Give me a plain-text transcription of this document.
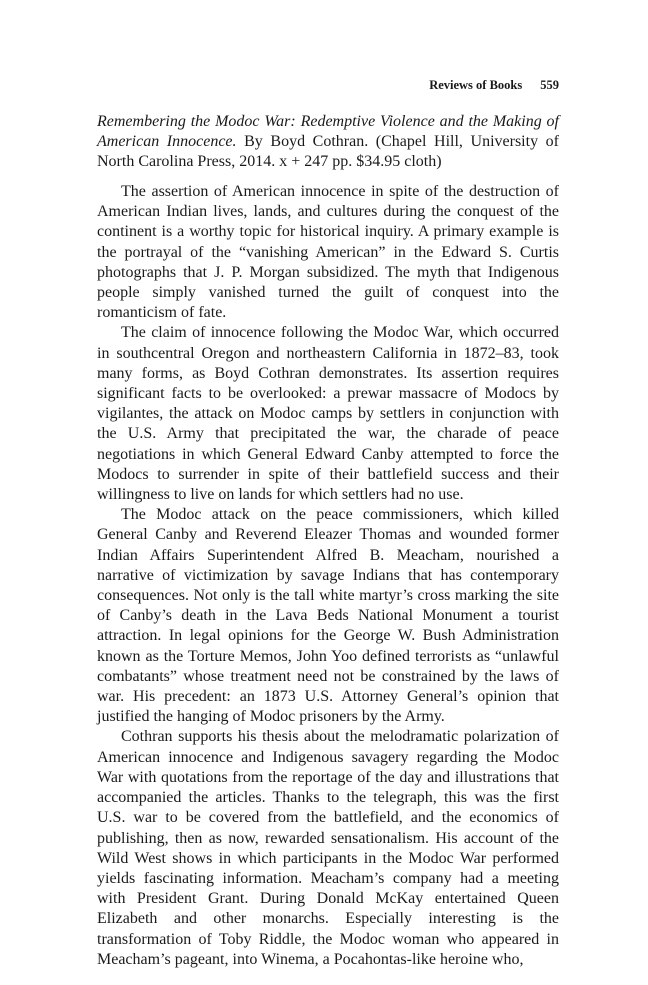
Reviews of Books 559

Remembering the Modoc War: Redemptive Violence and the Making of American Innocence. By Boyd Cothran. (Chapel Hill, University of North Carolina Press, 2014. x + 247 pp. $34.95 cloth)

The assertion of American innocence in spite of the destruction of American Indian lives, lands, and cultures during the conquest of the continent is a worthy topic for historical inquiry. A primary example is the portrayal of the “vanishing American” in the Edward S. Curtis photographs that J. P. Morgan subsidized. The myth that Indigenous people simply vanished turned the guilt of conquest into the romanticism of fate.

The claim of innocence following the Modoc War, which occurred in southcentral Oregon and northeastern California in 1872–83, took many forms, as Boyd Cothran demonstrates. Its assertion requires significant facts to be overlooked: a prewar massacre of Modocs by vigilantes, the attack on Modoc camps by settlers in conjunction with the U.S. Army that precipitated the war, the charade of peace negotiations in which General Edward Canby attempted to force the Modocs to surrender in spite of their battlefield success and their willingness to live on lands for which settlers had no use.

The Modoc attack on the peace commissioners, which killed General Canby and Reverend Eleazer Thomas and wounded former Indian Affairs Superintendent Alfred B. Meacham, nourished a narrative of victimization by savage Indians that has contemporary consequences. Not only is the tall white martyr’s cross marking the site of Canby’s death in the Lava Beds National Monument a tourist attraction. In legal opinions for the George W. Bush Administration known as the Torture Memos, John Yoo defined terrorists as “unlawful combatants” whose treatment need not be constrained by the laws of war. His precedent: an 1873 U.S. Attorney General’s opinion that justified the hanging of Modoc prisoners by the Army.

Cothran supports his thesis about the melodramatic polarization of American innocence and Indigenous savagery regarding the Modoc War with quotations from the reportage of the day and illustrations that accompanied the articles. Thanks to the telegraph, this was the first U.S. war to be covered from the battlefield, and the economics of publishing, then as now, rewarded sensationalism. His account of the Wild West shows in which participants in the Modoc War performed yields fascinating information. Meacham’s company had a meeting with President Grant. During Donald McKay entertained Queen Elizabeth and other monarchs. Especially interesting is the transformation of Toby Riddle, the Modoc woman who appeared in Meacham’s pageant, into Winema, a Pocahontas-like heroine who,
